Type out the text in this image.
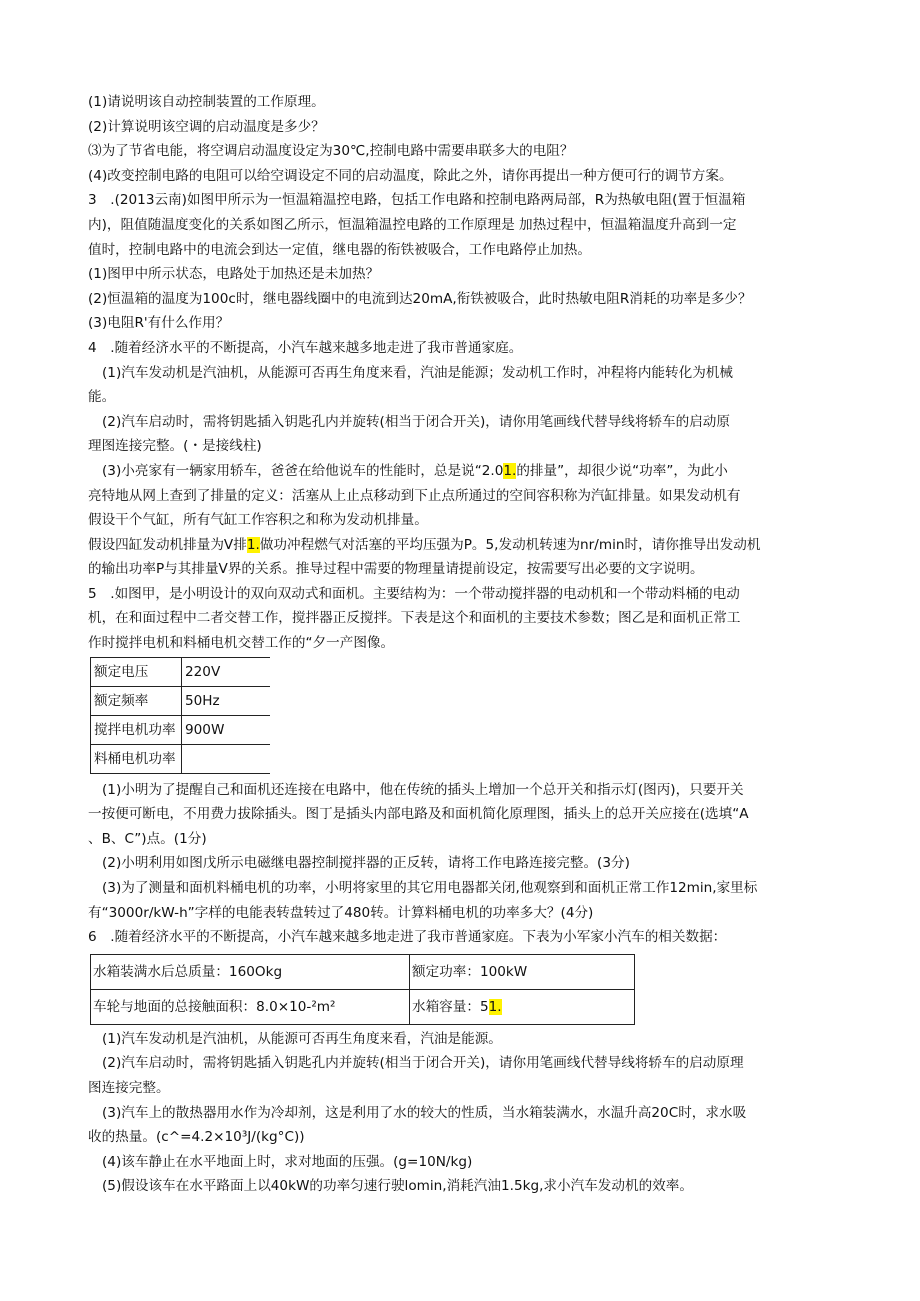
(1)请说明该自动控制装置的工作原理。
(2)计算说明该空调的启动温度是多少？
⑶为了节省电能，将空调启动温度设定为30℃,控制电路中需要串联多大的电阻？
(4)改变控制电路的电阻可以给空调设定不同的启动温度，除此之外，请你再提出一种方便可行的调节方案。
3　.(2013云南)如图甲所示为一恒温箱温控电路，包括工作电路和控制电路两局部，R为热敏电阻(置于恒温箱
内)，阻值随温度变化的关系如图乙所示，恒温箱温控电路的工作原理是 加热过程中，恒温箱温度升高到一定
值时，控制电路中的电流会到达一定值，继电器的衔铁被吸合，工作电路停止加热。
(1)图甲中所示状态，电路处于加热还是未加热？
(2)恒温箱的温度为100c时，继电器线圈中的电流到达20mA,衔铁被吸合，此时热敏电阻R消耗的功率是多少？
(3)电阻R'有什么作用？
4　.随着经济水平的不断提高，小汽车越来越多地走进了我市普通家庭。
(1)汽车发动机是汽油机，从能源可否再生角度来看，汽油是能源；发动机工作时，冲程将内能转化为机械
能。
(2)汽车启动时，需将钥匙插入钥匙孔内并旋转(相当于闭合开关)，请你用笔画线代替导线将轿车的启动原
理图连接完整。(・是接线柱)
(3)小亮家有一辆家用轿车，爸爸在给他说车的性能时，总是说“2.01.的排量”，却很少说“功率”，为此小
亮特地从网上查到了排量的定义：活塞从上止点移动到下止点所通过的空间容积称为汽缸排量。如果发动机有
假设干个气缸，所有气缸工作容积之和称为发动机排量。
假设四缸发动机排量为V排1.做功冲程燃气对活塞的平均压强为P。5,发动机转速为nr/min时，请你推导出发动机
的输出功率P与其排量V界的关系。推导过程中需要的物理量请提前设定，按需要写出必要的文字说明。
5　.如图甲，是小明设计的双向双动式和面机。主要结构为：一个带动搅拌器的电动机和一个带动料桶的电动
机，在和面过程中二者交替工作，搅拌器正反搅拌。下表是这个和面机的主要技术参数；图乙是和面机正常工
作时搅拌电机和料桶电机交替工作的“夕一产图像。
额定电压	220V
额定频率	50Hz
搅拌电机功率	900W
料桶电机功率	
(1)小明为了提醒自己和面机还连接在电路中，他在传统的插头上增加一个总开关和指示灯(图丙)，只要开关
一按便可断电，不用费力拔除插头。图丁是插头内部电路及和面机简化原理图，插头上的总开关应接在(选填“A
、B、C”)点。(1分)
(2)小明利用如图戊所示电磁继电器控制搅拌器的正反转，请将工作电路连接完整。(3分)
(3)为了测量和面机料桶电机的功率，小明将家里的其它用电器都关闭,他观察到和面机正常工作12min,家里标
有“3000r/kW-h”字样的电能表转盘转过了480转。计算料桶电机的功率多大？(4分)
6　.随着经济水平的不断提高，小汽车越来越多地走进了我市普通家庭。下表为小军家小汽车的相关数据：
水箱装满水后总质量：160Okg	额定功率：100kW
车轮与地面的总接触面积：8.0×10-²m²	水箱容量：51.
(1)汽车发动机是汽油机，从能源可否再生角度来看，汽油是能源。
(2)汽车启动时，需将钥匙插入钥匙孔内并旋转(相当于闭合开关)，请你用笔画线代替导线将轿车的启动原理
图连接完整。
(3)汽车上的散热器用水作为冷却剂，这是利用了水的较大的性质，当水箱装满水，水温升高20C时，求水吸
收的热量。(c^=4.2×10³J/(kg°C))
(4)该车静止在水平地面上时，求对地面的压强。(g=10N/kg)
(5)假设该车在水平路面上以40kW的功率匀速行驶lomin,消耗汽油1.5kg,求小汽车发动机的效率。
